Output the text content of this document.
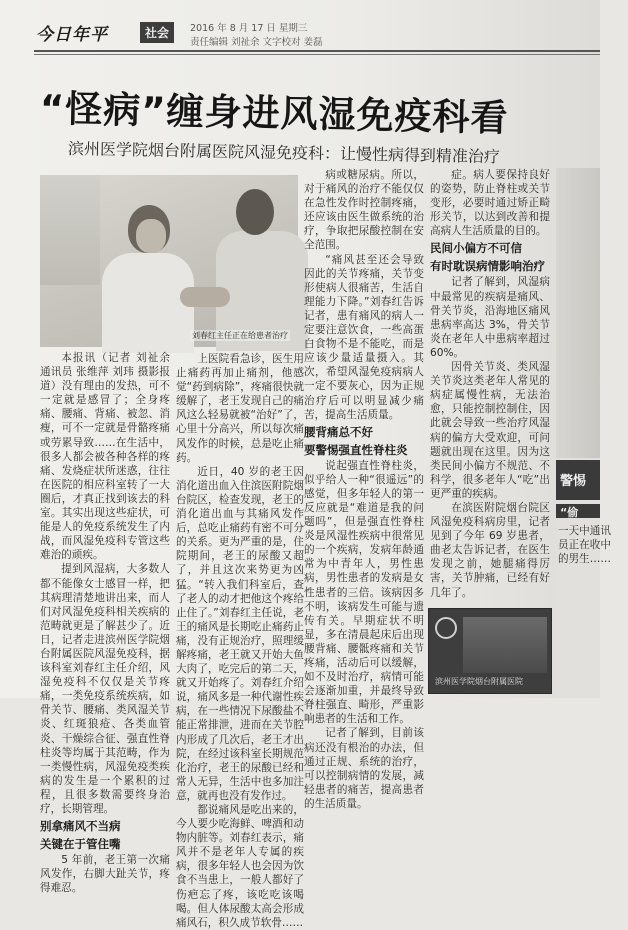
今日年平	社会	2016 年 8 月 17 日 星期三
责任编辑 刘祉余 文字校对 姜磊
“怪病”缠身进风湿免疫科看
滨州医学院烟台附属医院风湿免疫科：让慢性病得到精准治疗
刘春红主任正在给患者治疗

本报讯（记者 刘祉余 通讯员 张维萍 刘玮 摄影报道）没有理由的发热，可不一定就是感冒了；全身疼痛、腰痛、背痛、被忽、消瘦，可不一定就是骨骼疼痛或劳累导致……在生活中，很多人都会被各种各样的疼痛、发烧症状所迷惑，往往在医院的相应科室转了一大圈后，才真正找到该去的科室。其实出现这些症状，可能是人的免疫系统发生了内战，而风湿免疫科专管这些难治的顽疾。

提到风湿病，大多数人都不能像女士感冒一样，把其病理清楚地讲出来，而人们对风湿免疫科相关疾病的范畴就更是了解甚少了。近日，记者走进滨州医学院烟台附属医院风湿免疫科，据该科室刘春红主任介绍，风湿免疫科不仅仅是关节疼痛，一类免疫系统疾病，如骨关节、腰痛、类风湿关节炎、红斑狼疮、各类血管炎、干燥综合征、强直性脊柱炎等均属于其范畴，作为一类慢性病，风湿免疫类疾病的发生是一个累积的过程，且很多数需要终身治疗，长期管理。

别拿痛风不当病

关键在于管住嘴

5 年前，老王第一次痛风发作，右脚大趾关节，疼得难忍。

上医院看急诊，医生用止痛药再加止痛剂，他感觉“药到病除”，疼痛很快就缓解了，老王发现自己的痛风这么轻易就被“治好”了，心里十分高兴，所以每次痛风发作的时候，总是吃止痛药。

近日，40 岁的老王因消化道出血入住滨医附院烟台院区，检查发现，老王的消化道出血与其痛风发作后，总吃止痛药有密不可分的关系。更为严重的是，住院期间，老王的尿酸又超了，并且这次来势更为凶猛。“转入我们科室后，查了老人的动才把他这个疼给止住了。”刘春红主任说，老王的痛风是长期吃止痛药止痛，没有正规治疗，照理缓解疼痛，老王就又开始大鱼大肉了，吃完后的第二天，就又开始疼了。刘春红介绍说，痛风多是一种代谢性疾病，在一些情况下尿酸盐不能正常排泄，进而在关节腔内形成了几次后，老王才出院，在经过该科室长期规范化治疗，老王的尿酸已经和常人无异，生活中也多加注意，就再也没有发作过。

都说痛风是吃出来的，今人要少吃海鲜、啤酒和动物内脏等。刘春红表示，痛风并不是老年人专属的疾病，很多年轻人也会因为饮食不当患上，一般人都好了伤疤忘了疼，该吃吃该喝喝。但人体尿酸太高会形成痛风石，积久成节软骨……

病或糖尿病。所以，对于痛风的治疗不能仅仅在急性发作时控制疼痛，还应该由医生做系统的治疗，争取把尿酸控制在安全范围。

“痛风甚至还会导致因此的关节疼痛，关节变形使病人很痛苦，生活自理能力下降。”刘春红告诉记者，患有痛风的病人一定要注意饮食，一些高蛋白食物不是不能吃，而是应该少量适量摄入。其次，希望风湿免疫病病人一定不要灰心，因为正规治疗后可以明显减少痛苦，提高生活质量。

腰背痛总不好

要警惕强直性脊柱炎

说起强直性脊柱炎，似乎给人一种“很遥远”的感觉，但多年轻人的第一反应就是“难道是我的问题吗”，但是强直性脊柱炎是风湿性疾病中很常见的一个疾病，发病年龄通常为中青年人，男性患病，男性患者的发病是女性患者的三倍。该病因多不明，该病发生可能与遗传有关。早期症状不明显，多在清晨起床后出现腰背痛、腰骶疼痛和关节疼痛，活动后可以缓解，如不及时治疗，病情可能会逐渐加重，并最终导致脊柱强直、畸形，严重影响患者的生活和工作。

记者了解到，目前该病还没有根治的办法，但通过正规、系统的治疗，可以控制病情的发展，减轻患者的痛苦，提高患者的生活质量。

症。病人要保持良好的姿势，防止脊柱或关节变形，必要时通过矫正畸形关节，以达到改善和提高病人生活质量的目的。

民间小偏方不可信

有时耽误病情影响治疗

记者了解到，风湿病中最常见的疾病是痛风、骨关节炎，沿海地区痛风患病率高达 3%，骨关节炎在老年人中患病率超过 60%。

因骨关节炎、类风湿关节炎这类老年人常见的病症属慢性病，无法治愈，只能控制控制住，因此就会导致一些治疗风湿病的偏方大受欢迎，可问题就出现在这里。因为这类民间小偏方不规范、不科学，很多老年人“吃”出更严重的疾病。

在滨医附院烟台院区风湿免疫科病房里，记者见到了今年 69 岁患者，曲老太告诉记者，在医生发现之前，她腿痛得厉害，关节肿痛，已经有好几年了。

滨州医学院烟台附属医院
警惕
“偷
一天中通讯员正在收中的男生……
